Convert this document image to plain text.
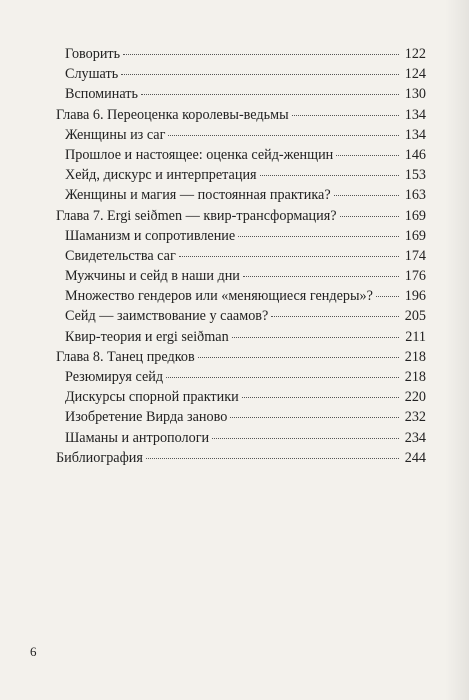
Говорить	122
Слушать	124
Вспоминать	130
Глава 6. Переоценка королевы-ведьмы	134
Женщины из саг	134
Прошлое и настоящее: оценка сейд-женщин	146
Хейд, дискурс и интерпретация	153
Женщины и магия — постоянная практика?	163
Глава 7. Ergi seiðmen — квир-трансформация?	169
Шаманизм и сопротивление	169
Свидетельства саг	174
Мужчины и сейд в наши дни	176
Множество гендеров или «меняющиеся гендеры»? 196
Сейд — заимствование у саамов?	205
Квир-теория и ergi seiðman	211
Глава 8. Танец предков	218
Резюмируя сейд	218
Дискурсы спорной практики	220
Изобретение Вирда заново	232
Шаманы и антропологи	234
Библиография	244
6
